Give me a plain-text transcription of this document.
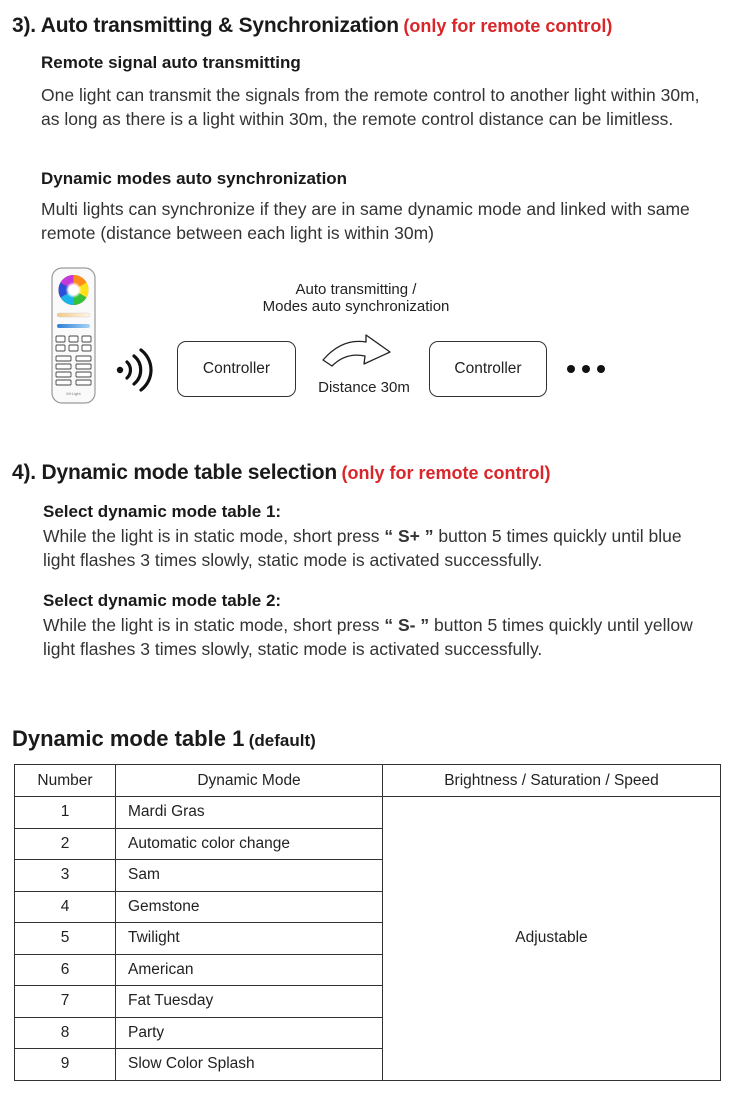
3). Auto transmitting & Synchronization (only for remote control)
Remote signal auto transmitting
One light can transmit the signals from the remote control to another light within 30m, as long as there is a light within 30m, the remote control distance can be limitless.
Dynamic modes auto synchronization
Multi lights can synchronize if they are in same dynamic mode and linked with same remote (distance between each light is within 30m)
Mi·Light
Controller
Auto transmitting /
Modes auto synchronization
Distance 30m
Controller
4). Dynamic mode table selection (only for remote control)
Select dynamic mode table 1:
While the light is in static mode, short press “ S+ ” button 5 times quickly until blue light flashes 3 times slowly, static mode is activated successfully.
Select dynamic mode table 2:
While the light is in static mode, short press “ S- ” button 5 times quickly until yellow light flashes 3 times slowly, static mode is activated successfully.
Dynamic mode table 1 (default)
Number	Dynamic Mode	Brightness / Saturation / Speed
1	Mardi Gras	Adjustable
2	Automatic color change	
3	Sam	
4	Gemstone	
5	Twilight	
6	American	
7	Fat Tuesday	
8	Party	
9	Slow Color Splash	
